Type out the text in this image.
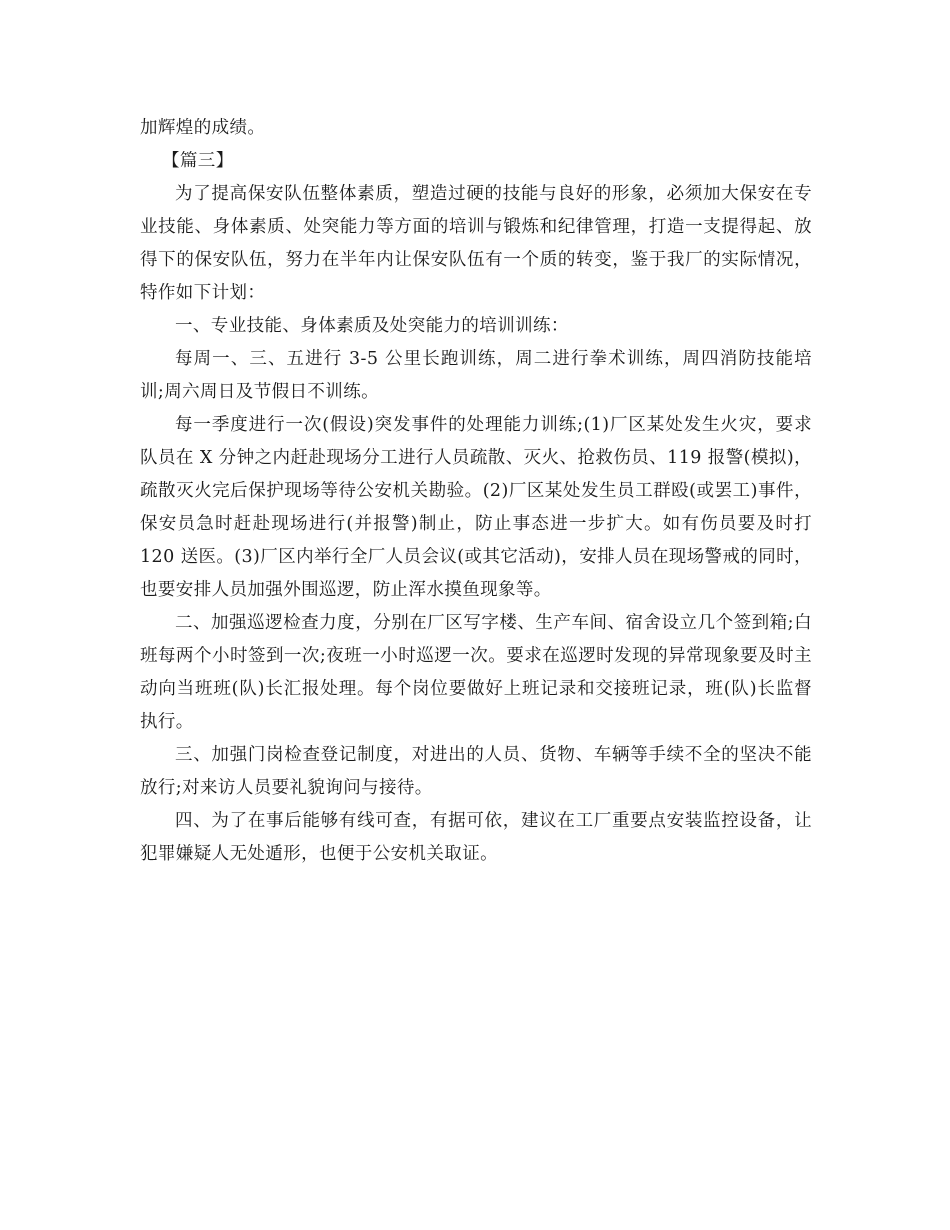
加辉煌的成绩。

【篇三】

为了提高保安队伍整体素质，塑造过硬的技能与良好的形象，必须加大保安在专业技能、身体素质、处突能力等方面的培训与锻炼和纪律管理，打造一支提得起、放得下的保安队伍，努力在半年内让保安队伍有一个质的转变，鉴于我厂的实际情况，特作如下计划：

一、专业技能、身体素质及处突能力的培训训练：

每周一、三、五进行 3-5 公里长跑训练，周二进行拳术训练，周四消防技能培训;周六周日及节假日不训练。

每一季度进行一次(假设)突发事件的处理能力训练;(1)厂区某处发生火灾，要求队员在 X 分钟之内赶赴现场分工进行人员疏散、灭火、抢救伤员、119 报警(模拟)，疏散灭火完后保护现场等待公安机关勘验。(2)厂区某处发生员工群殴(或罢工)事件，保安员急时赶赴现场进行(并报警)制止，防止事态进一步扩大。如有伤员要及时打 120 送医。(3)厂区内举行全厂人员会议(或其它活动)，安排人员在现场警戒的同时，也要安排人员加强外围巡逻，防止浑水摸鱼现象等。

二、加强巡逻检查力度，分别在厂区写字楼、生产车间、宿舍设立几个签到箱;白班每两个小时签到一次;夜班一小时巡逻一次。要求在巡逻时发现的异常现象要及时主动向当班班(队)长汇报处理。每个岗位要做好上班记录和交接班记录，班(队)长监督执行。

三、加强门岗检查登记制度，对进出的人员、货物、车辆等手续不全的坚决不能放行;对来访人员要礼貌询问与接待。

四、为了在事后能够有线可查，有据可依，建议在工厂重要点安装监控设备，让犯罪嫌疑人无处遁形，也便于公安机关取证。
